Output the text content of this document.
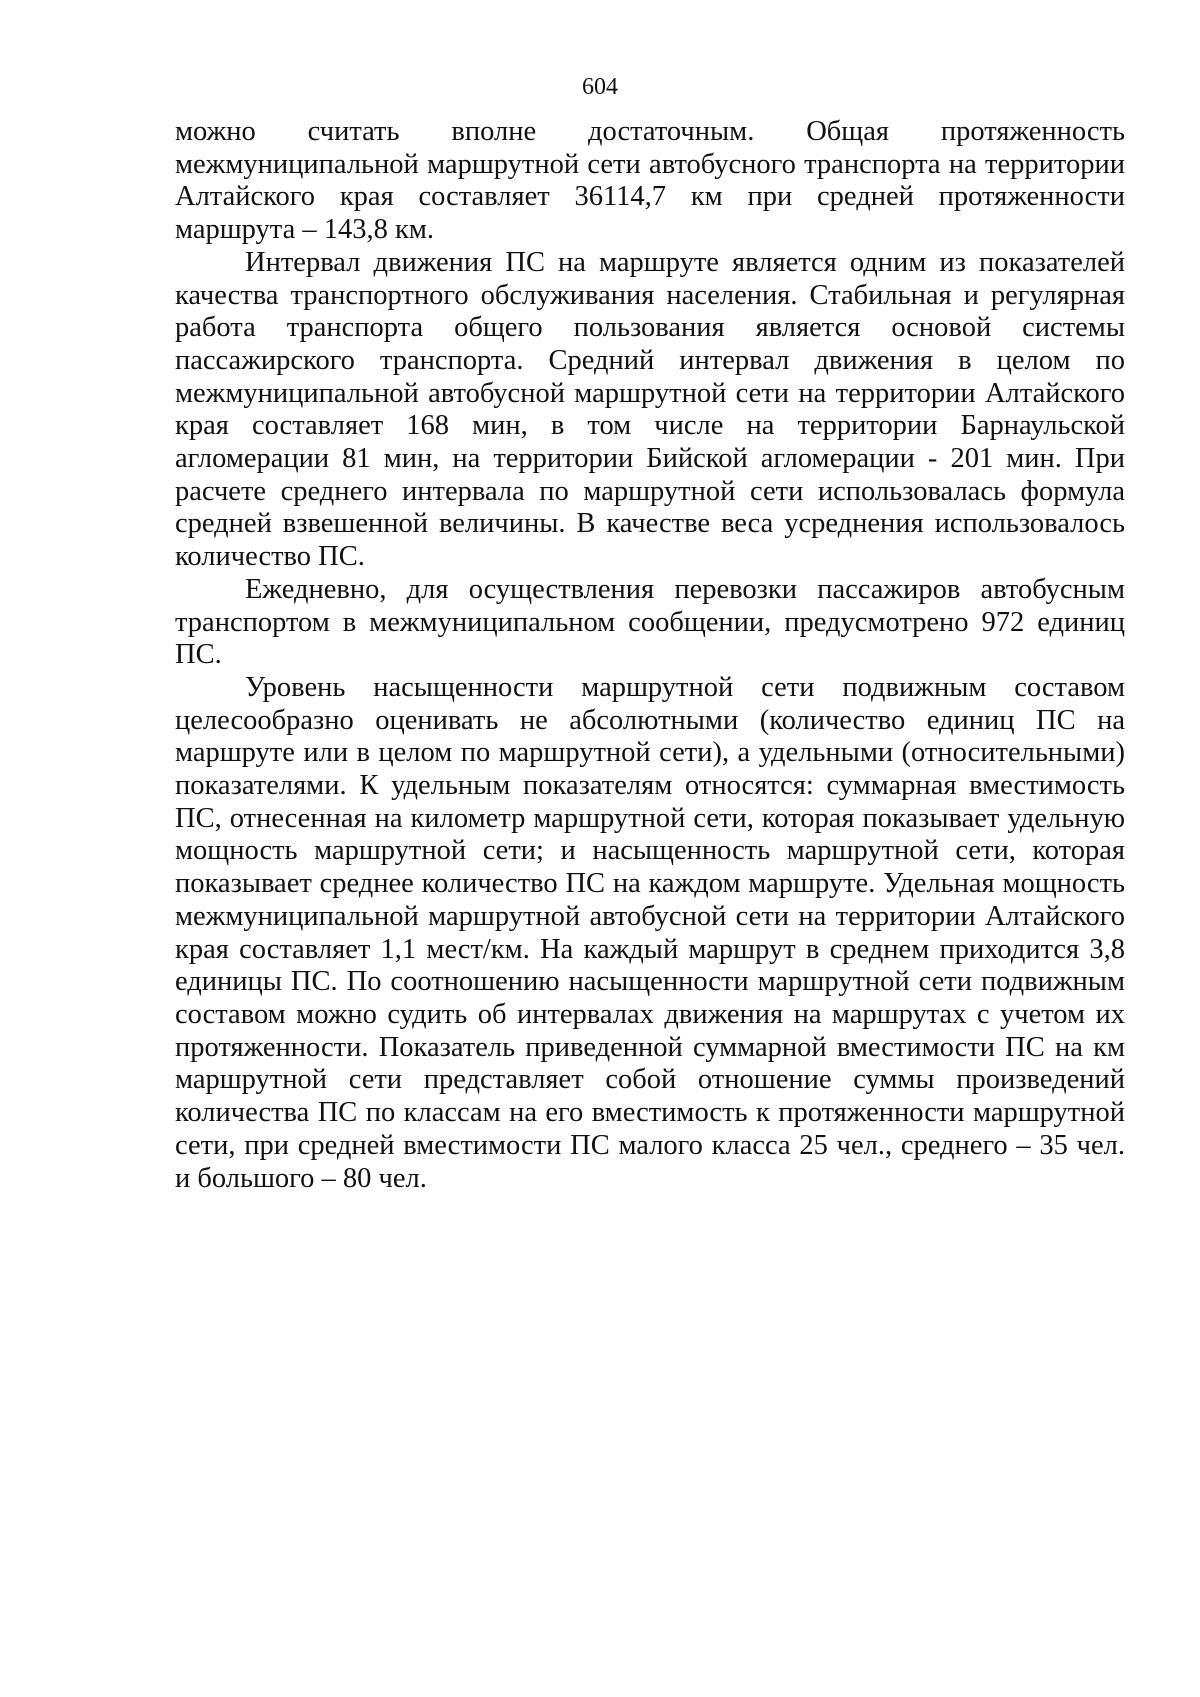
604

можно считать вполне достаточным. Общая протяженность межмуниципальной маршрутной сети автобусного транспорта на территории Алтайского края составляет 36114,7 км при средней протяженности маршрута – 143,8 км.

Интервал движения ПС на маршруте является одним из показателей качества транспортного обслуживания населения. Стабильная и регулярная работа транспорта общего пользования является основой системы пассажирского транспорта. Средний интервал движения в целом по межмуниципальной автобусной маршрутной сети на территории Алтайского края составляет 168 мин, в том числе на территории Барнаульской агломерации 81 мин, на территории Бийской агломерации - 201 мин. При расчете среднего интервала по маршрутной сети использовалась формула средней взвешенной величины. В качестве веса усреднения использовалось количество ПС.

Ежедневно, для осуществления перевозки пассажиров автобусным транспортом в межмуниципальном сообщении, предусмотрено 972 единиц ПС.

Уровень насыщенности маршрутной сети подвижным составом целесообразно оценивать не абсолютными (количество единиц ПС на маршруте или в целом по маршрутной сети), а удельными (относительными) показателями. К удельным показателям относятся: суммарная вместимость ПС, отнесенная на километр маршрутной сети, которая показывает удельную мощность маршрутной сети; и насыщенность маршрутной сети, которая показывает среднее количество ПС на каждом маршруте. Удельная мощность межмуниципальной маршрутной автобусной сети на территории Алтайского края составляет 1,1 мест/км. На каждый маршрут в среднем приходится 3,8 единицы ПС. По соотношению насыщенности маршрутной сети подвижным составом можно судить об интервалах движения на маршрутах с учетом их протяженности. Показатель приведенной суммарной вместимости ПС на км маршрутной сети представляет собой отношение суммы произведений количества ПС по классам на его вместимость к протяженности маршрутной сети, при средней вместимости ПС малого класса 25 чел., среднего – 35 чел. и большого – 80 чел.
